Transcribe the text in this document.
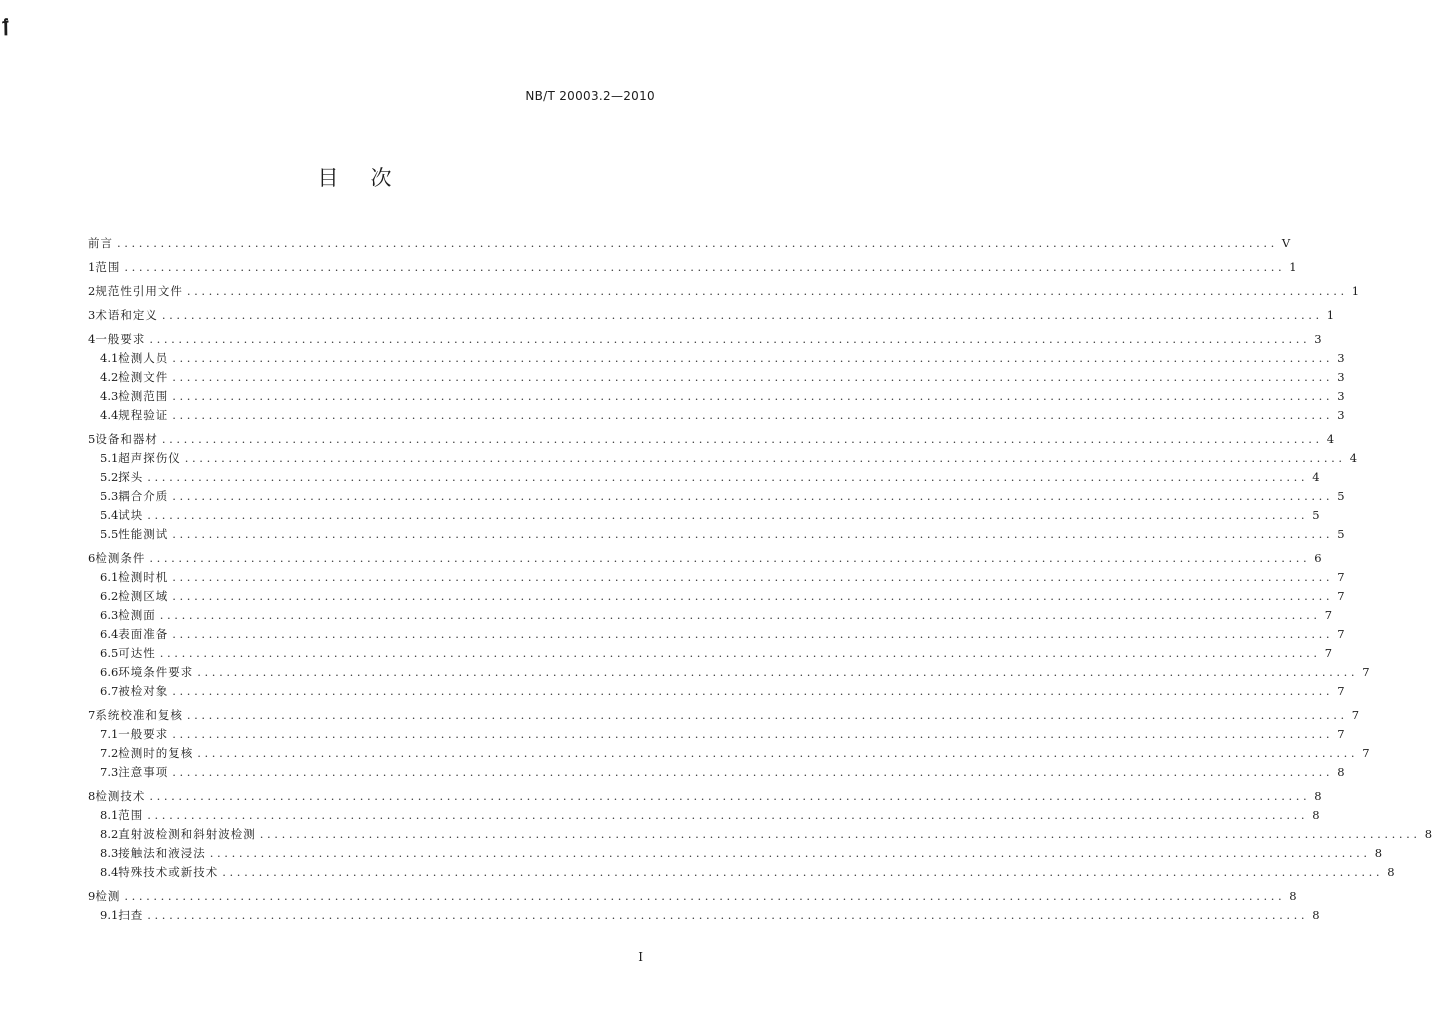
ٲ
NB/T 20003.2—2010
目次
前言 ................................................................................................................................................................ V
1 范围 ................................................................................................................................................................ 1
2 规范性引用文件 ................................................................................................................................................................ 1
3 术语和定义 ................................................................................................................................................................ 1
4 一般要求 ................................................................................................................................................................ 3
4.1 检测人员 ................................................................................................................................................................ 3
4.2 检测文件 ................................................................................................................................................................ 3
4.3 检测范围 ................................................................................................................................................................ 3
4.4 规程验证 ................................................................................................................................................................ 3
5 设备和器材 ................................................................................................................................................................ 4
5.1 超声探伤仪 ................................................................................................................................................................ 4
5.2 探头 ................................................................................................................................................................ 4
5.3 耦合介质 ................................................................................................................................................................ 5
5.4 试块 ................................................................................................................................................................ 5
5.5 性能测试 ................................................................................................................................................................ 5
6 检测条件 ................................................................................................................................................................ 6
6.1 检测时机 ................................................................................................................................................................ 7
6.2 检测区域 ................................................................................................................................................................ 7
6.3 检测面 ................................................................................................................................................................ 7
6.4 表面准备 ................................................................................................................................................................ 7
6.5 可达性 ................................................................................................................................................................ 7
6.6 环境条件要求 ................................................................................................................................................................ 7
6.7 被检对象 ................................................................................................................................................................ 7
7 系统校准和复核 ................................................................................................................................................................ 7
7.1 一般要求 ................................................................................................................................................................ 7
7.2 检测时的复核 ................................................................................................................................................................ 7
7.3 注意事项 ................................................................................................................................................................ 8
8 检测技术 ................................................................................................................................................................ 8
8.1 范围 ................................................................................................................................................................ 8
8.2 直射波检测和斜射波检测 ................................................................................................................................................................ 8
8.3 接触法和液浸法 ................................................................................................................................................................ 8
8.4 特殊技术或新技术 ................................................................................................................................................................ 8
9 检测 ................................................................................................................................................................ 8
9.1 扫查 ................................................................................................................................................................ 8
I
